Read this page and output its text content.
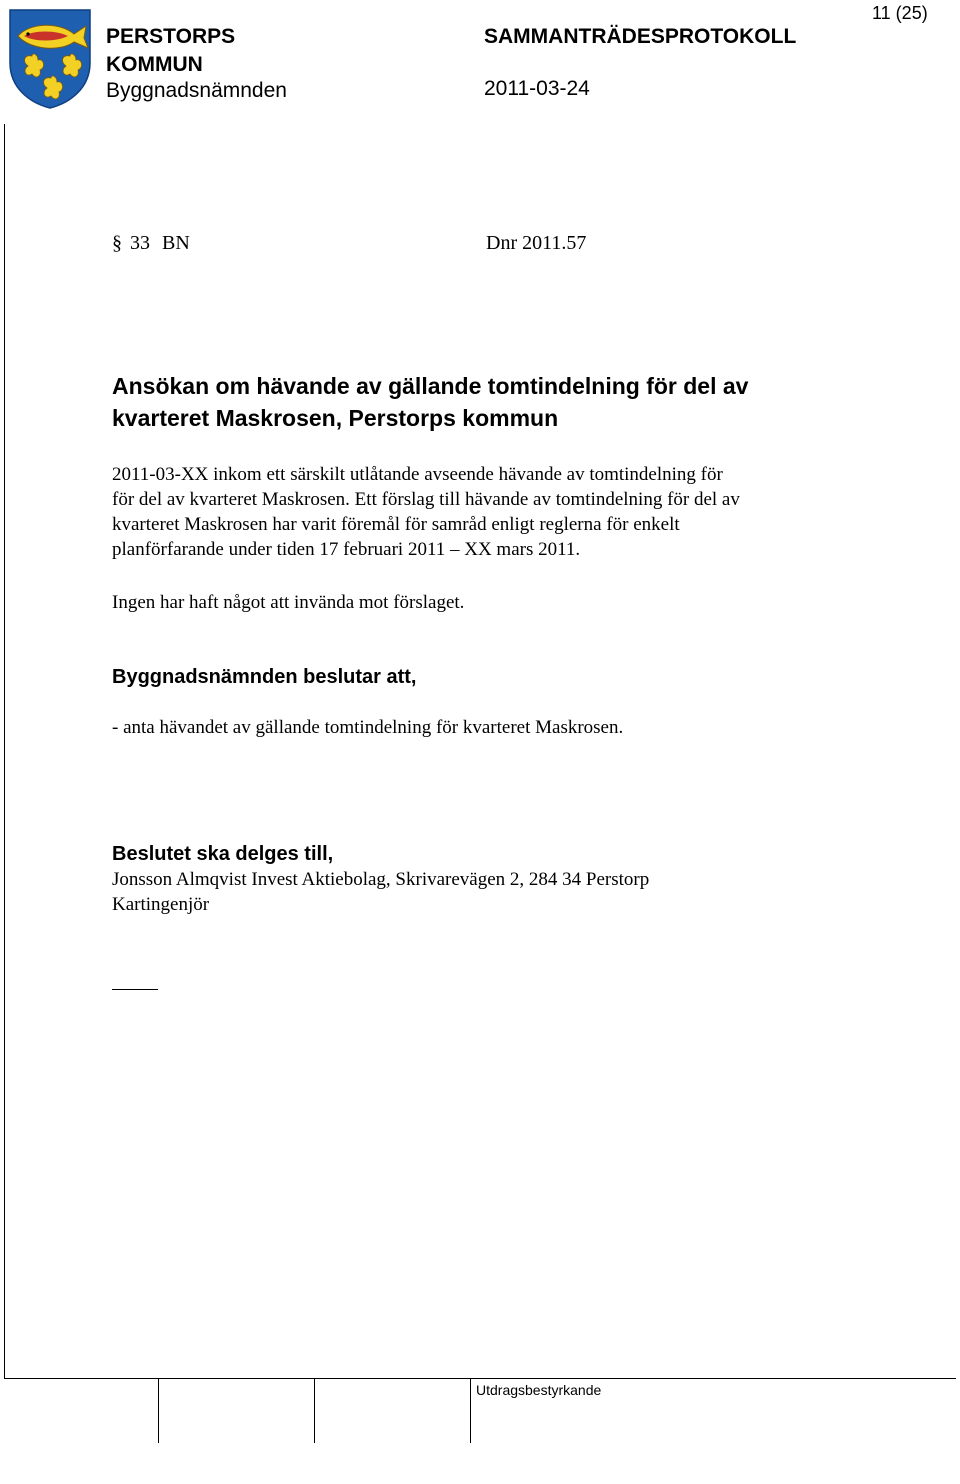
PERSTORPS
KOMMUN
Byggnadsnämnden
SAMMANTRÄDESPROTOKOLL
2011-03-24
11 (25)
§ 33 BN	Dnr 2011.57
Ansökan om hävande av gällande tomtindelning för del av
kvarteret Maskrosen, Perstorps kommun
2011-03-XX inkom ett särskilt utlåtande avseende hävande av tomtindelning för
för del av kvarteret Maskrosen. Ett förslag till hävande av tomtindelning för del av
kvarteret Maskrosen har varit föremål för samråd enligt reglerna för enkelt
planförfarande under tiden 17 februari 2011 – XX mars 2011.
Ingen har haft något att invända mot förslaget.
Byggnadsnämnden beslutar att,
- anta hävandet av gällande tomtindelning för kvarteret Maskrosen.
Beslutet ska delges till,
Jonsson Almqvist Invest Aktiebolag, Skrivarevägen 2, 284 34 Perstorp
Kartingenjör
Utdragsbestyrkande
